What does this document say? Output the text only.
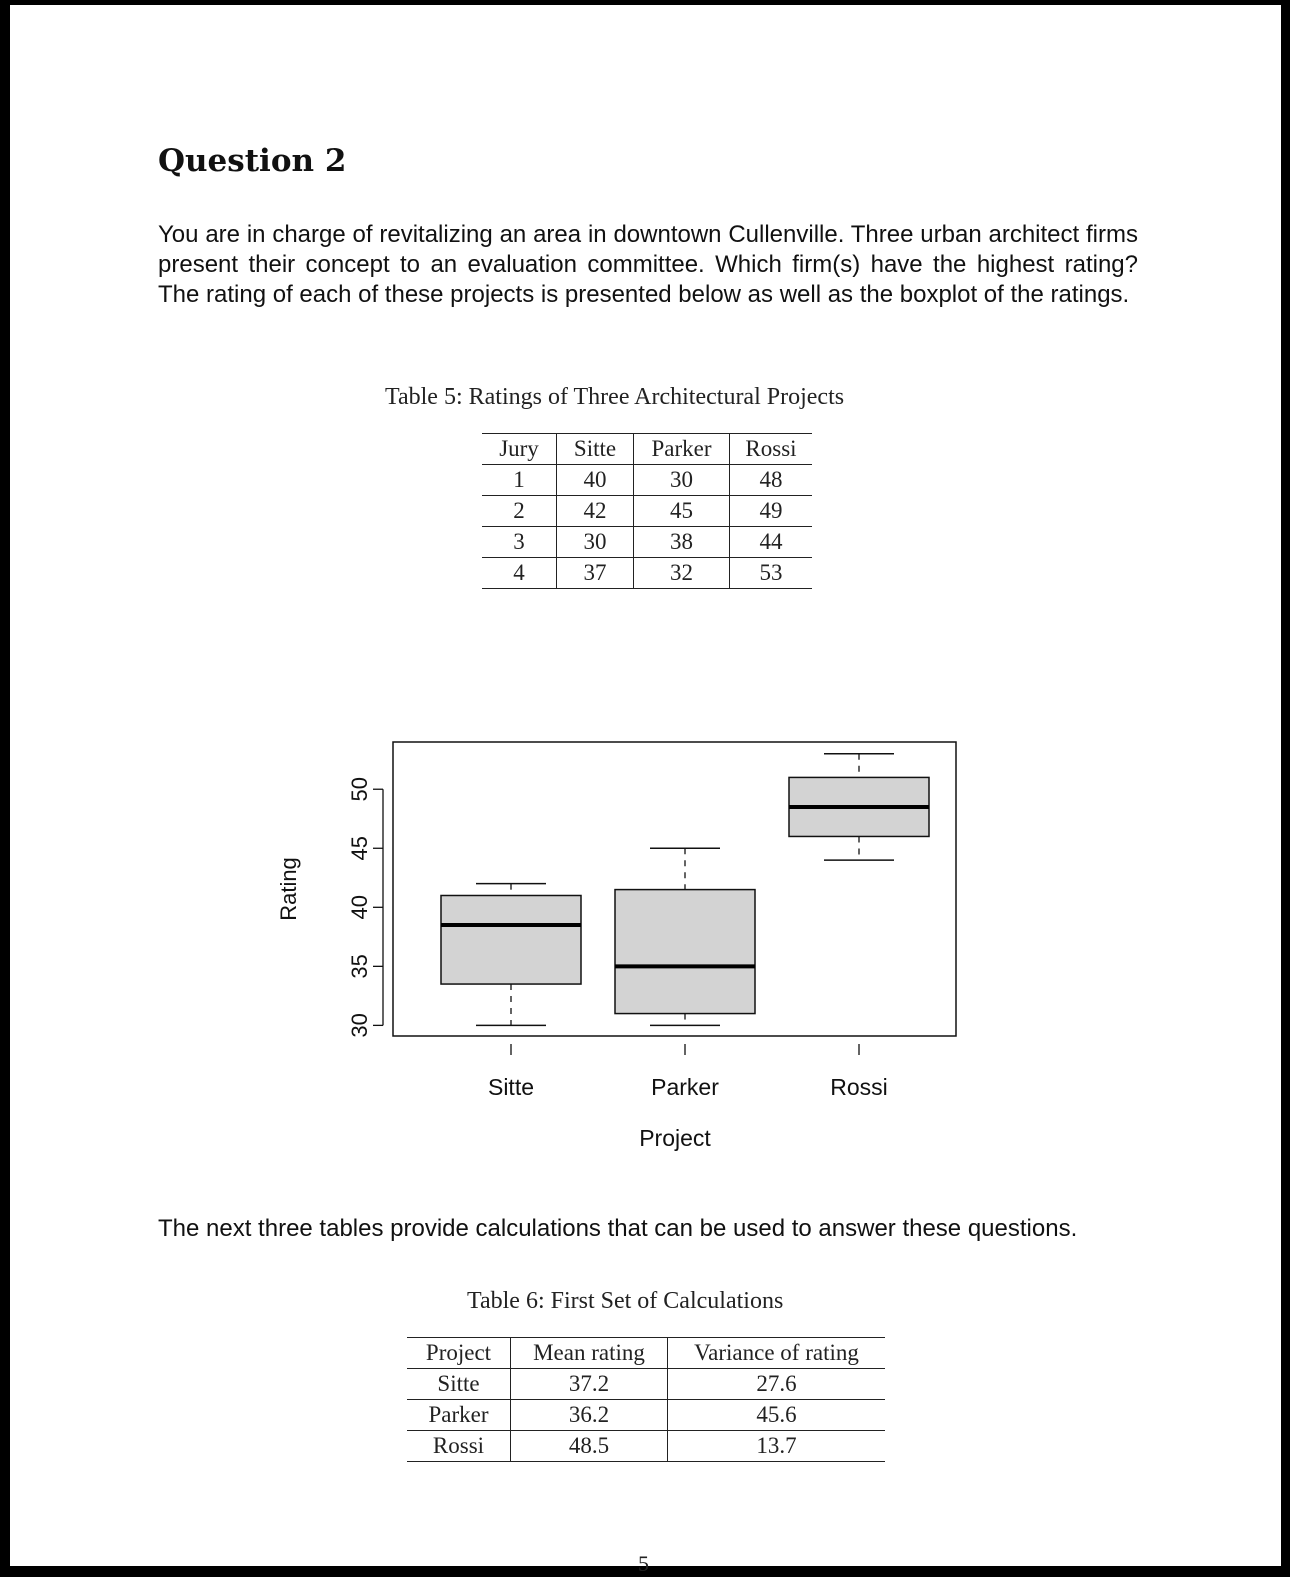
Question 2

You are in charge of revitalizing an area in downtown Cullenville. Three urban architect firms present their concept to an evaluation committee. Which firm(s) have the highest rating? The rating of each of these projects is presented below as well as the boxplot of the ratings.

Table 5: Ratings of Three Architectural Projects
Jury	Sitte	Parker	Rossi
1	40	30	48
2	42	45	49
3	30	38	44
4	37	32	53
30
35
40
45
50
Sitte	Parker	Rossi
Rating
Project

The next three tables provide calculations that can be used to answer these questions.

Table 6: First Set of Calculations
Project	Mean rating	Variance of rating
Sitte	37.2	27.6
Parker	36.2	45.6
Rossi	48.5	13.7
5
